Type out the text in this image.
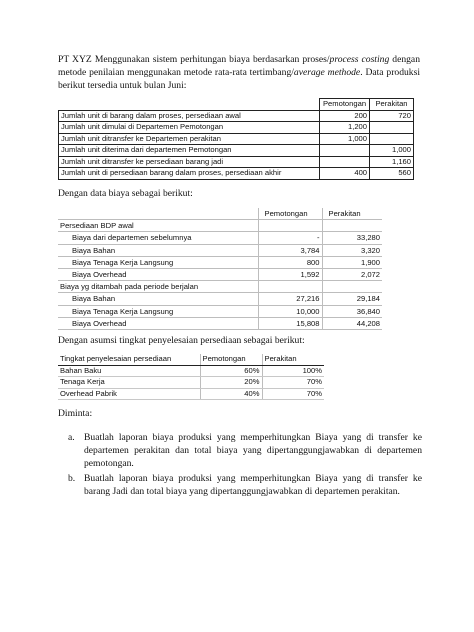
PT XYZ Menggunakan sistem perhitungan biaya berdasarkan proses/process costing dengan metode penilaian menggunakan metode rata-rata tertimbang/average methode. Data produksi berikut tersedia untuk bulan Juni:

	Pemotongan	Perakitan
Jumlah unit di barang dalam proses, persediaan awal	200	720
Jumlah unit dimulai di Departemen Pemotongan	1,200	
Jumlah unit ditransfer ke Departemen perakitan	1,000	
Jumlah unit diterima dari departemen Pemotongan		1,000
Jumlah unit ditransfer ke persediaan barang jadi		1,160
Jumlah unit di persediaan barang dalam proses, persediaan akhir	400	560
Dengan data biaya sebagai berikut:
	Pemotongan	Perakitan
Persediaan BDP awal		
Biaya dari departemen sebelumnya	-	33,280
Biaya Bahan	3,784	3,320
Biaya Tenaga Kerja Langsung	800	1,900
Biaya Overhead	1,592	2,072
Biaya yg ditambah pada periode berjalan		
Biaya Bahan	27,216	29,184
Biaya Tenaga Kerja Langsung	10,000	36,840
Biaya Overhead	15,808	44,208
Dengan asumsi tingkat penyelesaian persediaan sebagai berikut:
Tingkat penyelesaian persediaan	Pemotongan	Perakitan
Bahan Baku	60%	100%
Tenaga Kerja	20%	70%
Overhead Pabrik	40%	70%
Diminta:
a. Buatlah laporan biaya produksi yang memperhitungkan Biaya yang di transfer ke departemen perakitan dan total biaya yang dipertanggungjawabkan di departemen pemotongan.
b. Buatlah laporan biaya produksi yang memperhitungkan Biaya yang di transfer ke barang Jadi dan total biaya yang dipertanggungjawabkan di departemen perakitan.
